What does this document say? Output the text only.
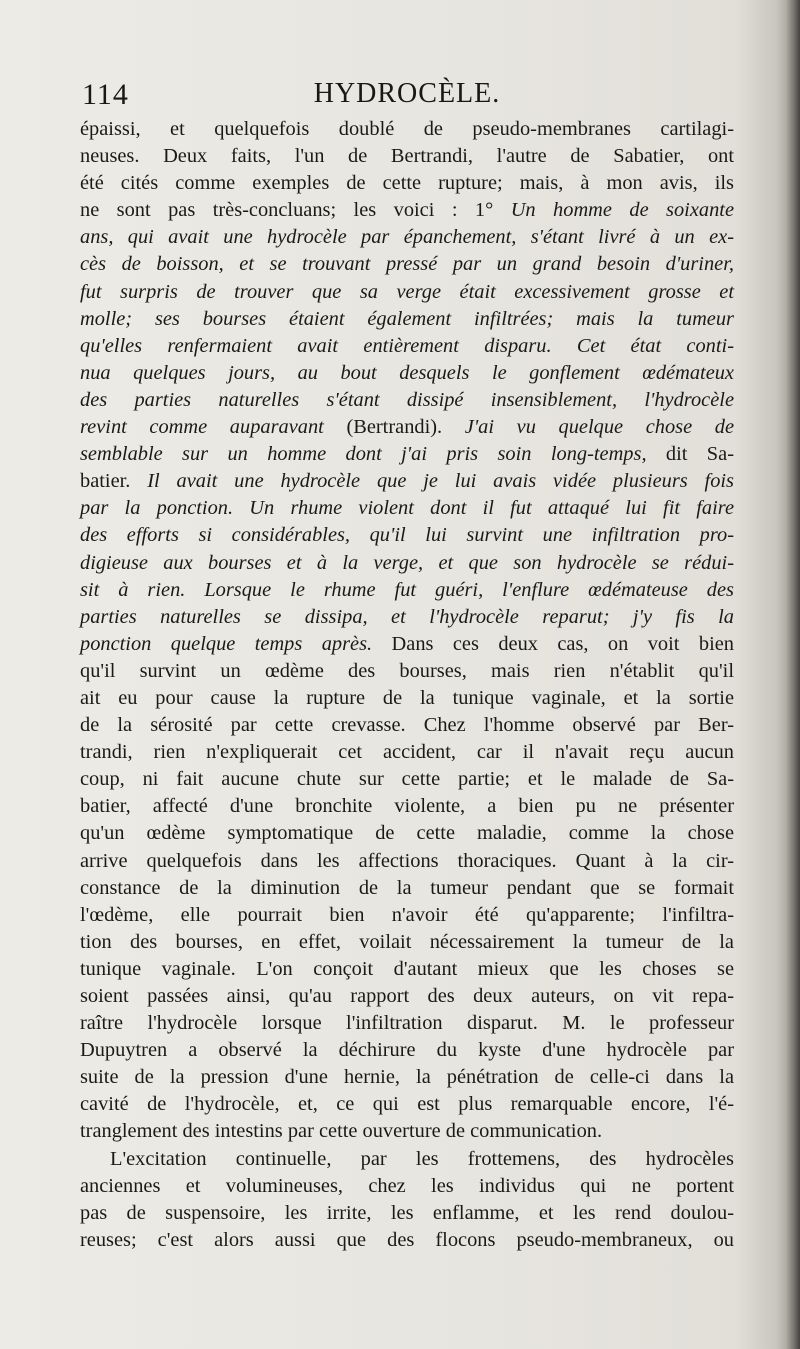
114	HYDROCÈLE.
épaissi, et quelquefois doublé de pseudo-membranes cartilagi-
neuses. Deux faits, l'un de Bertrandi, l'autre de Sabatier, ont
été cités comme exemples de cette rupture; mais, à mon avis, ils
ne sont pas très-concluans; les voici : 1° Un homme de soixante
ans, qui avait une hydrocèle par épanchement, s'étant livré à un ex-
cès de boisson, et se trouvant pressé par un grand besoin d'uriner,
fut surpris de trouver que sa verge était excessivement grosse et
molle; ses bourses étaient également infiltrées; mais la tumeur
qu'elles renfermaient avait entièrement disparu. Cet état conti-
nua quelques jours, au bout desquels le gonflement œdémateux
des parties naturelles s'étant dissipé insensiblement, l'hydrocèle
revint comme auparavant (Bertrandi). J'ai vu quelque chose de
semblable sur un homme dont j'ai pris soin long-temps, dit Sa-
batier. Il avait une hydrocèle que je lui avais vidée plusieurs fois
par la ponction. Un rhume violent dont il fut attaqué lui fit faire
des efforts si considérables, qu'il lui survint une infiltration pro-
digieuse aux bourses et à la verge, et que son hydrocèle se rédui-
sit à rien. Lorsque le rhume fut guéri, l'enflure œdémateuse des
parties naturelles se dissipa, et l'hydrocèle reparut; j'y fis la
ponction quelque temps après. Dans ces deux cas, on voit bien
qu'il survint un œdème des bourses, mais rien n'établit qu'il
ait eu pour cause la rupture de la tunique vaginale, et la sortie
de la sérosité par cette crevasse. Chez l'homme observé par Ber-
trandi, rien n'expliquerait cet accident, car il n'avait reçu aucun
coup, ni fait aucune chute sur cette partie; et le malade de Sa-
batier, affecté d'une bronchite violente, a bien pu ne présenter
qu'un œdème symptomatique de cette maladie, comme la chose
arrive quelquefois dans les affections thoraciques. Quant à la cir-
constance de la diminution de la tumeur pendant que se formait
l'œdème, elle pourrait bien n'avoir été qu'apparente; l'infiltra-
tion des bourses, en effet, voilait nécessairement la tumeur de la
tunique vaginale. L'on conçoit d'autant mieux que les choses se
soient passées ainsi, qu'au rapport des deux auteurs, on vit repa-
raître l'hydrocèle lorsque l'infiltration disparut. M. le professeur
Dupuytren a observé la déchirure du kyste d'une hydrocèle par
suite de la pression d'une hernie, la pénétration de celle-ci dans la
cavité de l'hydrocèle, et, ce qui est plus remarquable encore, l'é-
tranglement des intestins par cette ouverture de communication.
L'excitation continuelle, par les frottemens, des hydrocèles
anciennes et volumineuses, chez les individus qui ne portent
pas de suspensoire, les irrite, les enflamme, et les rend doulou-
reuses; c'est alors aussi que des flocons pseudo-membraneux, ou
